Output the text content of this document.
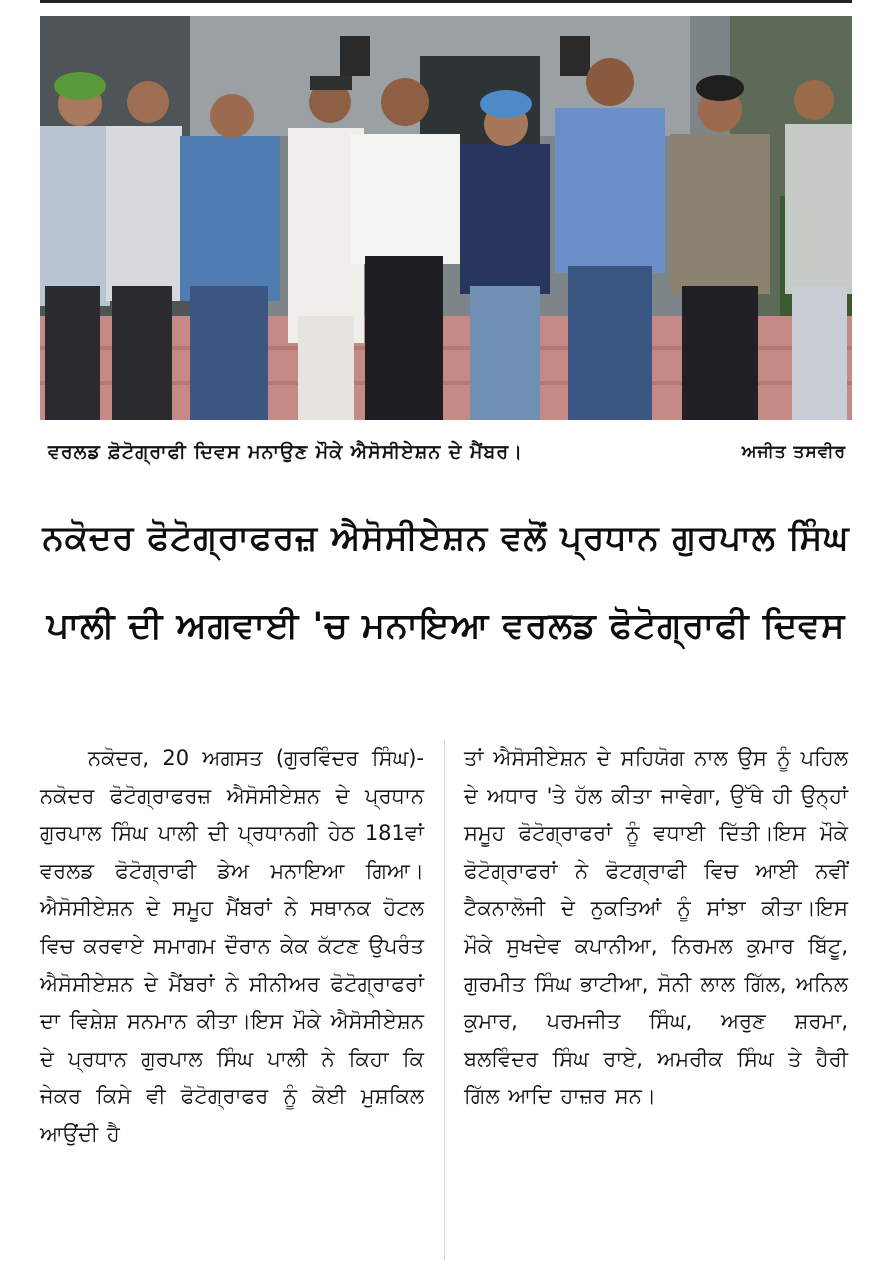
ਵਰਲਡ ਫ਼ੋਟੋਗ੍ਰਾਫੀ ਦਿਵਸ ਮਨਾਉਣ ਮੌਕੇ ਐਸੋਸੀਏਸ਼ਨ ਦੇ ਮੈਂਬਰ।	ਅਜੀਤ ਤਸਵੀਰ
ਨਕੋਦਰ ਫੋਟੋਗ੍ਰਾਫਰਜ਼ ਐਸੋਸੀਏਸ਼ਨ ਵਲੋਂ ਪ੍ਰਧਾਨ ਗੁਰਪਾਲ ਸਿੰਘ
ਪਾਲੀ ਦੀ ਅਗਵਾਈ 'ਚ ਮਨਾਇਆ ਵਰਲਡ ਫੋਟੋਗ੍ਰਾਫੀ ਦਿਵਸ

ਨਕੋਦਰ, 20 ਅਗਸਤ (ਗੁਰਵਿੰਦਰ ਸਿੰਘ)-ਨਕੋਦਰ ਫੋਟੋਗ੍ਰਾਫਰਜ਼ ਐਸੋਸੀਏਸ਼ਨ ਦੇ ਪ੍ਰਧਾਨ ਗੁਰਪਾਲ ਸਿੰਘ ਪਾਲੀ ਦੀ ਪ੍ਰਧਾਨਗੀ ਹੇਠ 181ਵਾਂ ਵਰਲਡ ਫੋਟੋਗ੍ਰਾਫੀ ਡੇਅ ਮਨਾਇਆ ਗਿਆ। ਐਸੋਸੀਏਸ਼ਨ ਦੇ ਸਮੂਹ ਮੈਂਬਰਾਂ ਨੇ ਸਥਾਨਕ ਹੋਟਲ ਵਿਚ ਕਰਵਾਏ ਸਮਾਗਮ ਦੌਰਾਨ ਕੇਕ ਕੱਟਣ ਉਪਰੰਤ ਐਸੋਸੀਏਸ਼ਨ ਦੇ ਮੈਂਬਰਾਂ ਨੇ ਸੀਨੀਅਰ ਫੋਟੋਗ੍ਰਾਫਰਾਂ ਦਾ ਵਿਸ਼ੇਸ਼ ਸਨਮਾਨ ਕੀਤਾ।ਇਸ ਮੌਕੇ ਐਸੋਸੀਏਸ਼ਨ ਦੇ ਪ੍ਰਧਾਨ ਗੁਰਪਾਲ ਸਿੰਘ ਪਾਲੀ ਨੇ ਕਿਹਾ ਕਿ ਜੇਕਰ ਕਿਸੇ ਵੀ ਫੋਟੋਗ੍ਰਾਫਰ ਨੂੰ ਕੋਈ ਮੁਸ਼ਕਿਲ ਆਉਂਦੀ ਹੈ

ਤਾਂ ਐਸੋਸੀਏਸ਼ਨ ਦੇ ਸਹਿਯੋਗ ਨਾਲ ਉਸ ਨੂੰ ਪਹਿਲ ਦੇ ਅਧਾਰ 'ਤੇ ਹੱਲ ਕੀਤਾ ਜਾਵੇਗਾ, ਉੱਥੇ ਹੀ ਉਨ੍ਹਾਂ ਸਮੂਹ ਫੋਟੋਗ੍ਰਾਫਰਾਂ ਨੂੰ ਵਧਾਈ ਦਿੱਤੀ।ਇਸ ਮੌਕੇ ਫੋਟੋਗ੍ਰਾਫਰਾਂ ਨੇ ਫੋਟਗ੍ਰਾਫੀ ਵਿਚ ਆਈ ਨਵੀਂ ਟੈਕਨਾਲੋਜੀ ਦੇ ਨੁਕਤਿਆਂ ਨੂੰ ਸਾਂਝਾ ਕੀਤਾ।ਇਸ ਮੌਕੇ ਸੁਖਦੇਵ ਕਪਾਨੀਆ, ਨਿਰਮਲ ਕੁਮਾਰ ਬਿੱਟੂ, ਗੁਰਮੀਤ ਸਿੰਘ ਭਾਟੀਆ, ਸੋਨੀ ਲਾਲ ਗਿੱਲ, ਅਨਿਲ ਕੁਮਾਰ, ਪਰਮਜੀਤ ਸਿੰਘ, ਅਰੁਣ ਸ਼ਰਮਾ, ਬਲਵਿੰਦਰ ਸਿੰਘ ਰਾਏ, ਅਮਰੀਕ ਸਿੰਘ ਤੇ ਹੈਰੀ ਗਿੱਲ ਆਦਿ ਹਾਜ਼ਰ ਸਨ।
